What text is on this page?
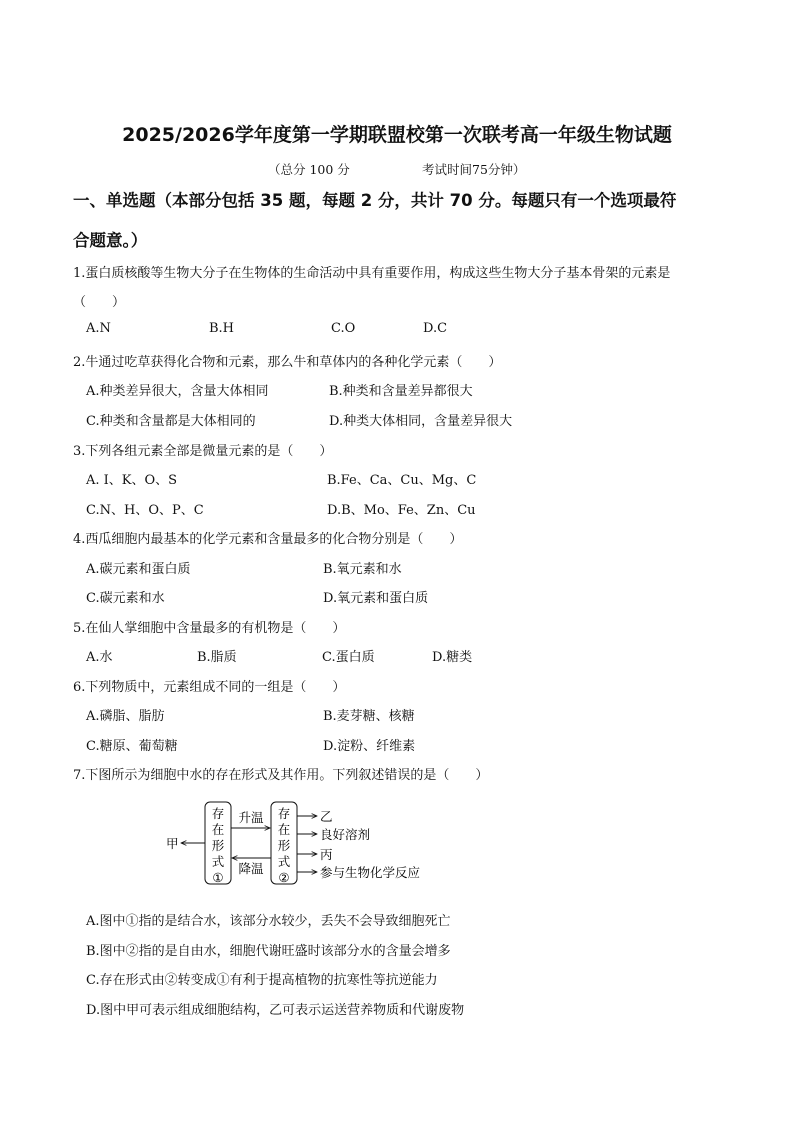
2025/2026学年度第一学期联盟校第一次联考高一年级生物试题
（总分 100 分	考试时间75分钟）
一、单选题（本部分包括 35 题，每题 2 分，共计 70 分。每题只有一个选项最符
合题意。）
1.蛋白质核酸等生物大分子在生物体的生命活动中具有重要作用，构成这些生物大分子基本骨架的元素是
（　　）
A.N	B.H	C.O	D.C
2.牛通过吃草获得化合物和元素，那么牛和草体内的各种化学元素（　　）
A.种类差异很大，含量大体相同	B.种类和含量差异都很大
C.种类和含量都是大体相同的	D.种类大体相同，含量差异很大
3.下列各组元素全部是微量元素的是（　　）
A. I、K、O、S	B.Fe、Ca、Cu、Mg、C
C.N、H、O、P、C	D.B、Mo、Fe、Zn、Cu
4.西瓜细胞内最基本的化学元素和含量最多的化合物分别是（　　）
A.碳元素和蛋白质	B.氧元素和水
C.碳元素和水	D.氧元素和蛋白质
5.在仙人掌细胞中含量最多的有机物是（　　）
A.水	B.脂质	C.蛋白质	D.糖类
6.下列物质中，元素组成不同的一组是（　　）
A.磷脂、脂肪	B.麦芽糖、核糖
C.糖原、葡萄糖	D.淀粉、纤维素
7.下图所示为细胞中水的存在形式及其作用。下列叙述错误的是（　　）
存
在
形
式
①
存
在
形
式
②
升温
降温
甲
乙
良好溶剂
丙
参与生物化学反应
A.图中①指的是结合水，该部分水较少，丢失不会导致细胞死亡
B.图中②指的是自由水，细胞代谢旺盛时该部分水的含量会增多
C.存在形式由②转变成①有利于提高植物的抗寒性等抗逆能力
D.图中甲可表示组成细胞结构，乙可表示运送营养物质和代谢废物
